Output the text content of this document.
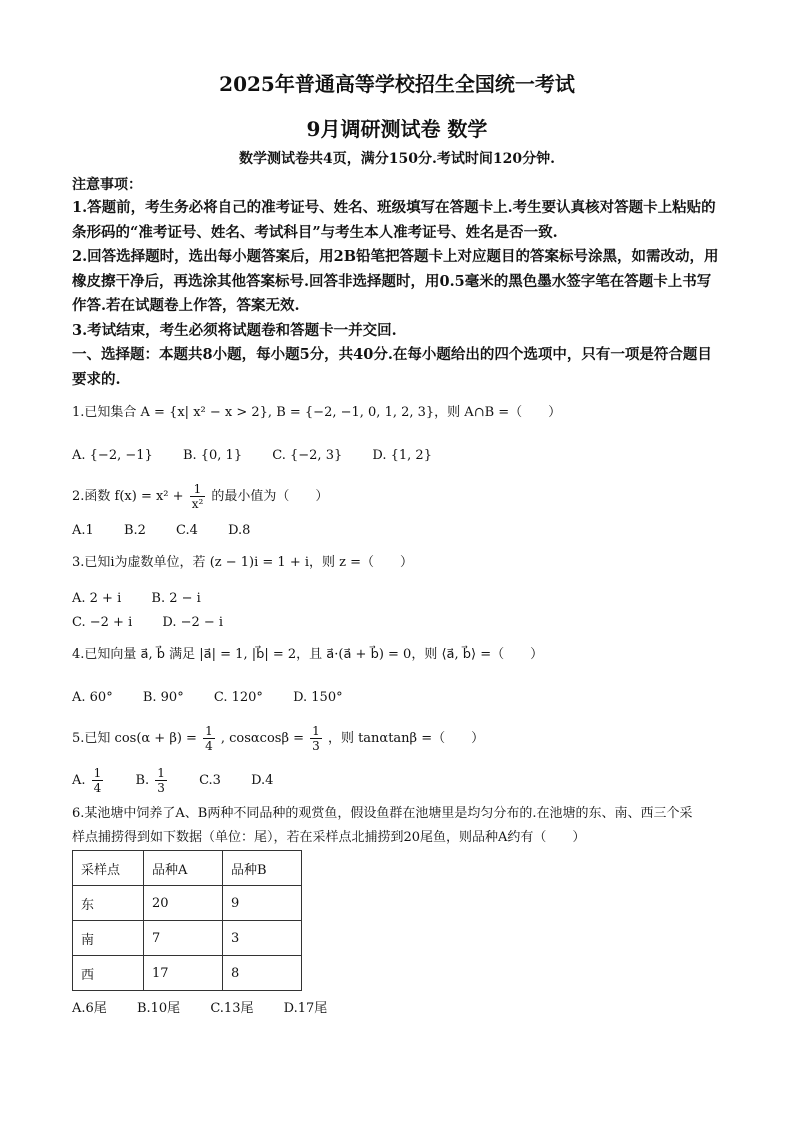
2025年普通高等学校招生全国统一考试
9月调研测试卷 数学
数学测试卷共4页，满分150分.考试时间120分钟.
注意事项：
1.答题前，考生务必将自己的准考证号、姓名、班级填写在答题卡上.考生要认真核对答题卡上粘贴的条形码的“准考证号、姓名、考试科目”与考生本人准考证号、姓名是否一致.
2.回答选择题时，选出每小题答案后，用2B铅笔把答题卡上对应题目的答案标号涂黑，如需改动，用橡皮擦干净后，再选涂其他答案标号.回答非选择题时，用0.5毫米的黑色墨水签字笔在答题卡上书写作答.若在试题卷上作答，答案无效.
3.考试结束，考生必须将试题卷和答题卡一并交回.
一、选择题：本题共8小题，每小题5分，共40分.在每小题给出的四个选项中，只有一项是符合题目要求的.
1.已知集合 A = {x| x² − x > 2}, B = {−2, −1, 0, 1, 2, 3}，则 A∩B =（　　）
A. {−2, −1} B. {0, 1} C. {−2, 3} D. {1, 2}
2.函数 $f(x) = x^2 + \frac{1}{\text{x²}}$ 的最小值为（　　）
A.1 B.2 C.4 D.8
3.已知i为虚数单位，若 (z − 1)i = 1 + i，则 z =（　　）
A. 2 + i B. 2 − i
C. −2 + i D. −2 − i
4.已知向量 a⃗, b⃗ 满足 |a⃗| = 1, |b⃗| = 2，且 a⃗·(a⃗ + b⃗) = 0，则 ⟨a⃗, b⃗⟩ =（　　）
A. 60° B. 90° C. 120° D. 150°
5.已知 $\cos(\alpha + \beta) = \frac{1}{4}$ , $\cos\alpha\cos\beta = \frac{1}{3}$ ，则 tanαtanβ =（　　）
A. $\frac{1}{4} B$. $\frac{1}{3} C.3$ D.4
6.某池塘中饲养了A、B两种不同品种的观赏鱼，假设鱼群在池塘里是均匀分布的.在池塘的东、南、西三个采
样点捕捞得到如下数据（单位：尾），若在采样点北捕捞到20尾鱼，则品种A约有（　　）
采样点	品种A	品种B
东	20	9
南	7	3
西	17	8
A.6尾 B.10尾 C.13尾 D.17尾
